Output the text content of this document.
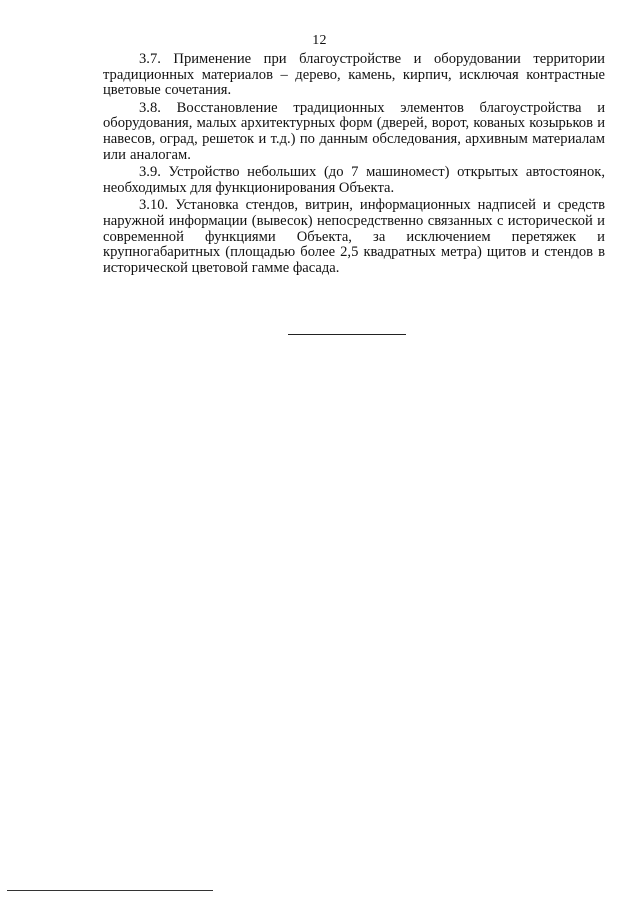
12

3.7. Применение при благоустройстве и оборудовании территории традиционных материалов – дерево, камень, кирпич, исключая контрастные цветовые сочетания.

3.8. Восстановление традиционных элементов благоустройства и оборудования, малых архитектурных форм (дверей, ворот, кованых козырьков и навесов, оград, решеток и т.д.) по данным обследования, архивным материалам или аналогам.

3.9. Устройство небольших (до 7 машиномест) открытых автостоянок, необходимых для функционирования Объекта.

3.10. Установка стендов, витрин, информационных надписей и средств наружной информации (вывесок) непосредственно связанных с исторической и современной функциями Объекта, за исключением перетяжек и крупногабаритных (площадью более 2,5 квадратных метра) щитов и стендов в исторической цветовой гамме фасада.
